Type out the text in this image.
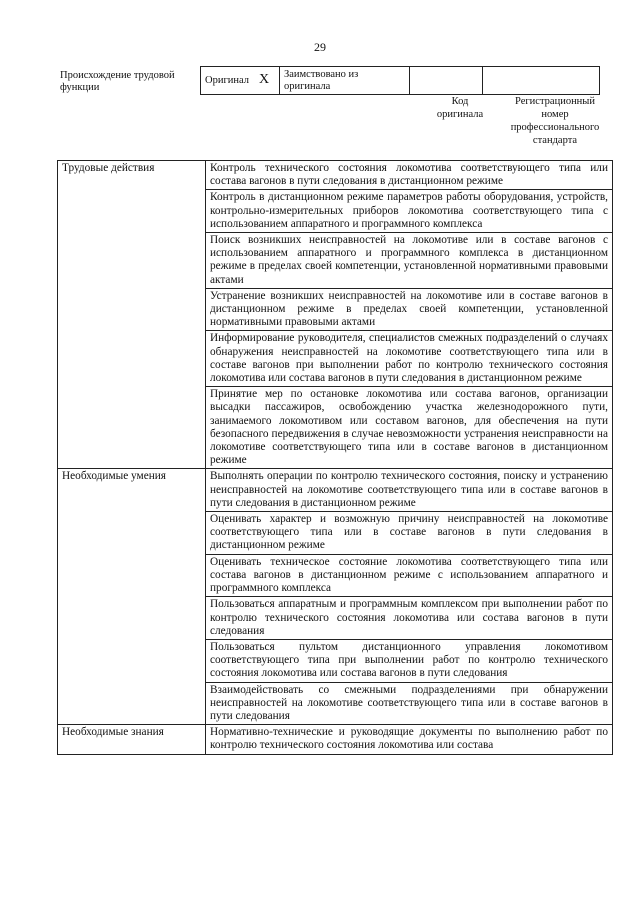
29
Происхождение трудовой функции
Оригинал X	Заимствовано из оригинала		
Код оригинала
Регистрационный номер профессионального стандарта
Трудовые действия	Контроль технического состояния локомотива соответствующего типа или состава вагонов в пути следования в дистанционном режиме
	Контроль в дистанционном режиме параметров работы оборудования, устройств, контрольно-измерительных приборов локомотива соответствующего типа с использованием аппаратного и программного комплекса
	Поиск возникших неисправностей на локомотиве или в составе вагонов с использованием аппаратного и программного комплекса в дистанционном режиме в пределах своей компетенции, установленной нормативными правовыми актами
	Устранение возникших неисправностей на локомотиве или в составе вагонов в дистанционном режиме в пределах своей компетенции, установленной нормативными правовыми актами
	Информирование руководителя, специалистов смежных подразделений о случаях обнаружения неисправностей на локомотиве соответствующего типа или в составе вагонов при выполнении работ по контролю технического состояния локомотива или состава вагонов в пути следования в дистанционном режиме
	Принятие мер по остановке локомотива или состава вагонов, организации высадки пассажиров, освобождению участка железнодорожного пути, занимаемого локомотивом или составом вагонов, для обеспечения на пути безопасного передвижения в случае невозможности устранения неисправности на локомотиве соответствующего типа или в составе вагонов в дистанционном режиме
Необходимые умения	Выполнять операции по контролю технического состояния, поиску и устранению неисправностей на локомотиве соответствующего типа или в составе вагонов в пути следования в дистанционном режиме
	Оценивать характер и возможную причину неисправностей на локомотиве соответствующего типа или в составе вагонов в пути следования в дистанционном режиме
	Оценивать техническое состояние локомотива соответствующего типа или состава вагонов в дистанционном режиме с использованием аппаратного и программного комплекса
	Пользоваться аппаратным и программным комплексом при выполнении работ по контролю технического состояния локомотива или состава вагонов в пути следования
	Пользоваться пультом дистанционного управления локомотивом соответствующего типа при выполнении работ по контролю технического состояния локомотива или состава вагонов в пути следования
	Взаимодействовать со смежными подразделениями при обнаружении неисправностей на локомотиве соответствующего типа или в составе вагонов в пути следования
Необходимые знания	Нормативно-технические и руководящие документы по выполнению работ по контролю технического состояния локомотива или состава
